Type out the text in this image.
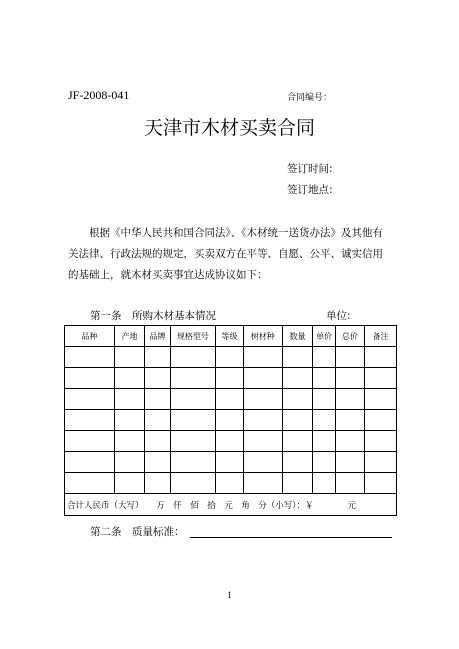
JF-2008-041	合同编号：
天津市木材买卖合同
签订时间:
签订地点:

根据《中华人民共和国合同法》、《木材统一送货办法》及其他有

关法律、行政法规的规定，买卖双方在平等、自愿、公平、诚实信用

的基础上，就木材买卖事宜达成协议如下：

第一条　所购木材基本情况	单位:
品种	产地	品牌	规格型号	等级	树材种	数量	单价	总价	备注

合计人民币（大写）　　万　仟　佰　拾　元　角　分（小写）：￥　　　　元									
第二条　质量标准：
1
